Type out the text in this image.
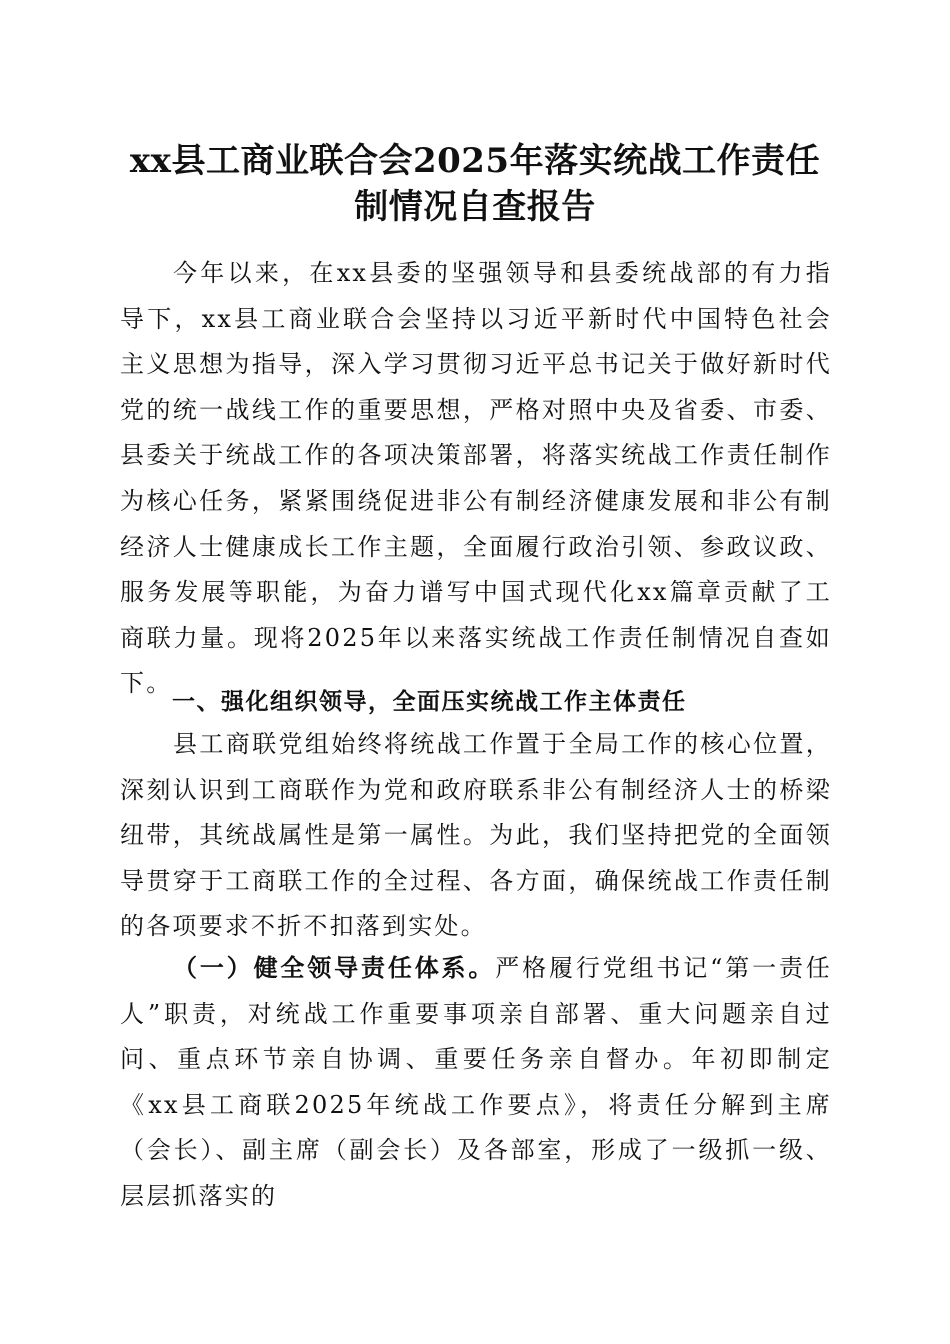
xx县工商业联合会2025年落实统战工作责任
制情况自查报告

今年以来，在xx县委的坚强领导和县委统战部的有力指导下，xx县工商业联合会坚持以习近平新时代中国特色社会主义思想为指导，深入学习贯彻习近平总书记关于做好新时代党的统一战线工作的重要思想，严格对照中央及省委、市委、县委关于统战工作的各项决策部署，将落实统战工作责任制作为核心任务，紧紧围绕促进非公有制经济健康发展和非公有制经济人士健康成长工作主题，全面履行政治引领、参政议政、服务发展等职能，为奋力谱写中国式现代化xx篇章贡献了工商联力量。现将2025年以来落实统战工作责任制情况自查如下。

一、强化组织领导，全面压实统战工作主体责任

县工商联党组始终将统战工作置于全局工作的核心位置，深刻认识到工商联作为党和政府联系非公有制经济人士的桥梁纽带，其统战属性是第一属性。为此，我们坚持把党的全面领导贯穿于工商联工作的全过程、各方面，确保统战工作责任制的各项要求不折不扣落到实处。

（一）健全领导责任体系。严格履行党组书记“第一责任人”职责，对统战工作重要事项亲自部署、重大问题亲自过问、重点环节亲自协调、重要任务亲自督办。年初即制定《xx县工商联2025年统战工作要点》，将责任分解到主席（会长）、副主席（副会长）及各部室，形成了一级抓一级、层层抓落实的
